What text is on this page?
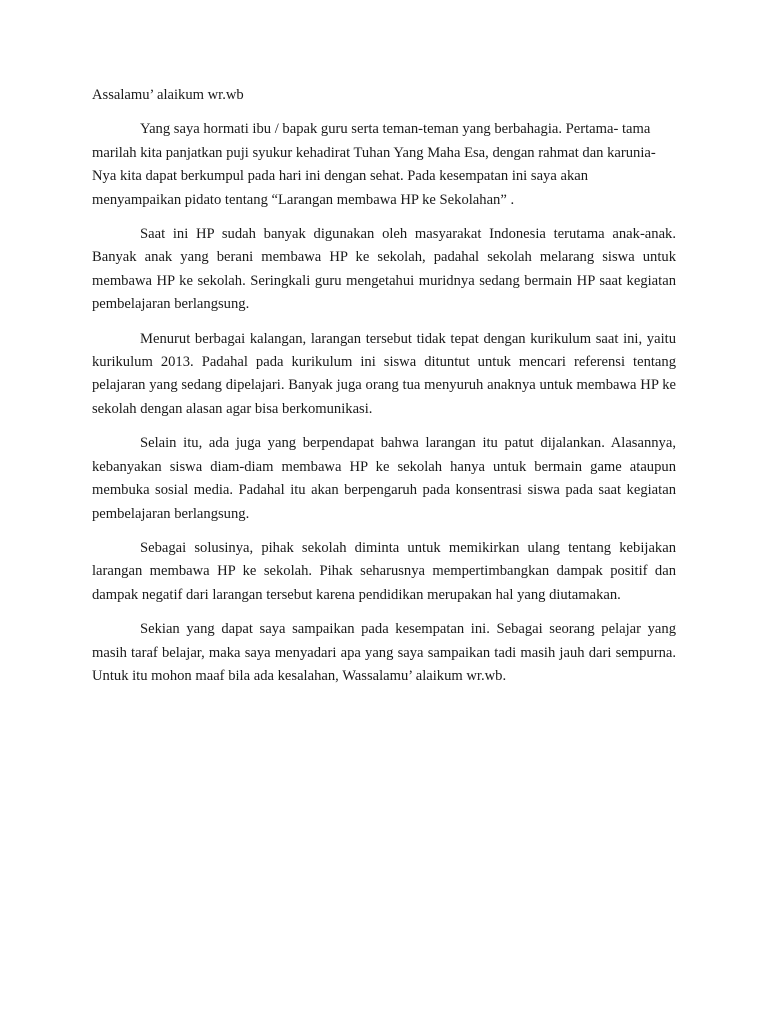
Assalamu’ alaikum wr.wb

Yang saya hormati ibu / bapak guru serta teman-teman yang berbahagia. Pertama- tama marilah kita panjatkan puji syukur kehadirat Tuhan Yang Maha Esa, dengan rahmat dan karunia-Nya kita dapat berkumpul pada hari ini dengan sehat. Pada kesempatan ini saya akan menyampaikan pidato tentang “Larangan membawa HP ke Sekolahan” .

Saat ini HP sudah banyak digunakan oleh masyarakat Indonesia terutama anak-anak. Banyak anak yang berani membawa HP ke sekolah, padahal sekolah melarang siswa untuk membawa HP ke sekolah. Seringkali guru mengetahui muridnya sedang bermain HP saat kegiatan pembelajaran berlangsung.

Menurut berbagai kalangan, larangan tersebut tidak tepat dengan kurikulum saat ini, yaitu kurikulum 2013. Padahal pada kurikulum ini siswa dituntut untuk mencari referensi tentang pelajaran yang sedang dipelajari. Banyak juga orang tua menyuruh anaknya untuk membawa HP ke sekolah dengan alasan agar bisa berkomunikasi.

Selain itu, ada juga yang berpendapat bahwa larangan itu patut dijalankan. Alasannya, kebanyakan siswa diam-diam membawa HP ke sekolah hanya untuk bermain game ataupun membuka sosial media. Padahal itu akan berpengaruh pada konsentrasi siswa pada saat kegiatan pembelajaran berlangsung.

Sebagai solusinya, pihak sekolah diminta untuk memikirkan ulang tentang kebijakan larangan membawa HP ke sekolah. Pihak seharusnya mempertimbangkan dampak positif dan dampak negatif dari larangan tersebut karena pendidikan merupakan hal yang diutamakan.

Sekian yang dapat saya sampaikan pada kesempatan ini. Sebagai seorang pelajar yang masih taraf belajar, maka saya menyadari apa yang saya sampaikan tadi masih jauh dari sempurna. Untuk itu mohon maaf bila ada kesalahan, Wassalamu’ alaikum wr.wb.
